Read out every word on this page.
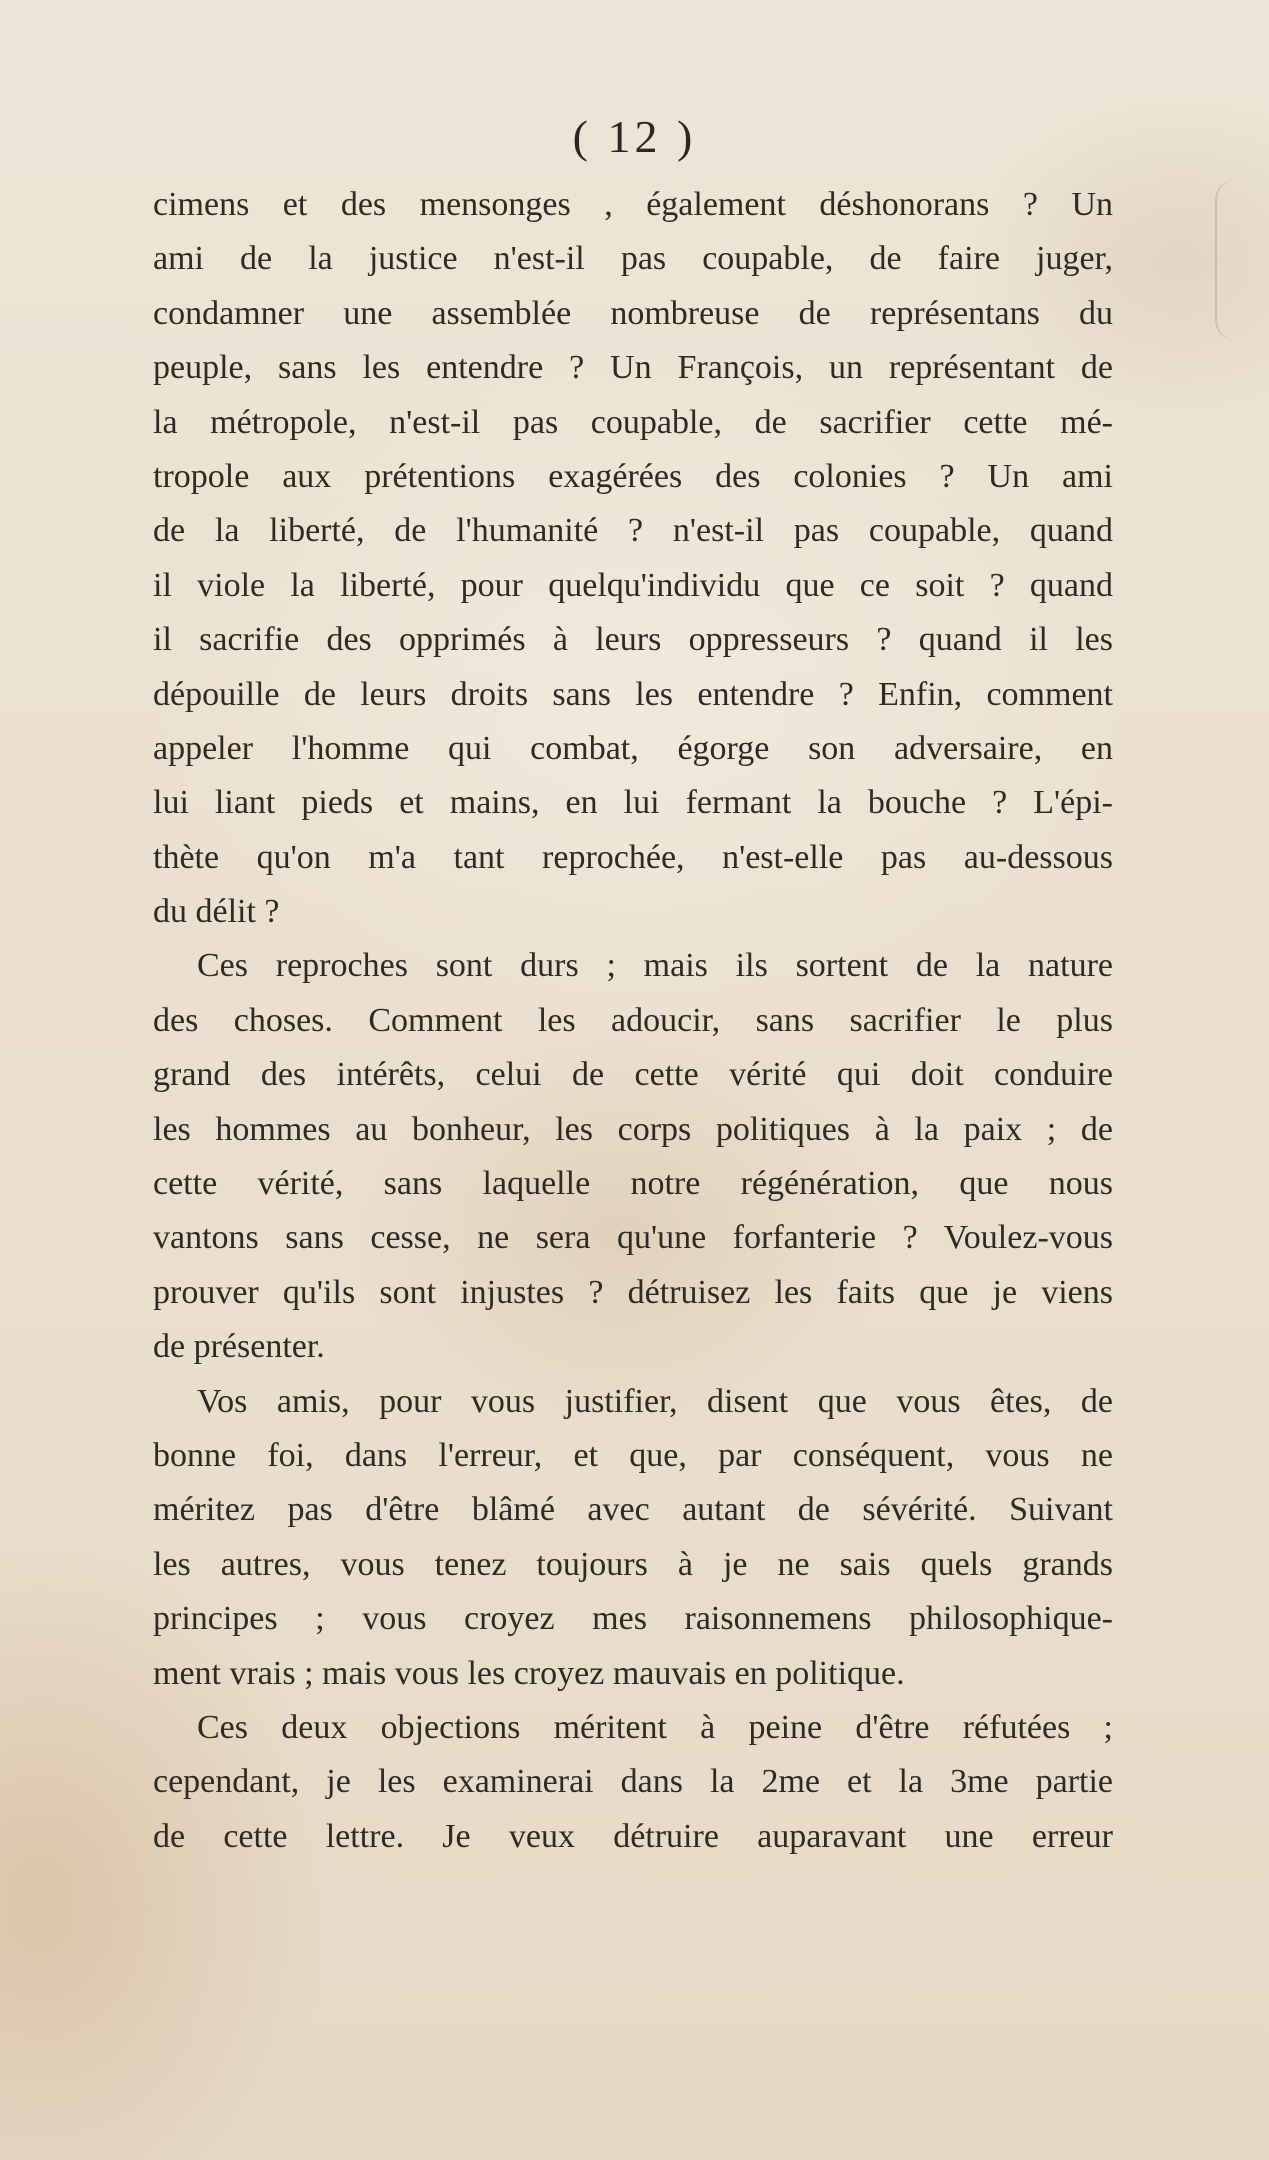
( 12 )

cimens et des mensonges , également déshonorans ? Un
ami de la justice n'est-il pas coupable, de faire juger,
condamner une assemblée nombreuse de représentans du
peuple, sans les entendre ? Un François, un représentant de
la métropole, n'est-il pas coupable, de sacrifier cette mé-
tropole aux prétentions exagérées des colonies ? Un ami
de la liberté, de l'humanité ? n'est-il pas coupable, quand
il viole la liberté, pour quelqu'individu que ce soit ? quand
il sacrifie des opprimés à leurs oppresseurs ? quand il les
dépouille de leurs droits sans les entendre ? Enfin, comment
appeler l'homme qui combat, égorge son adversaire, en
lui liant pieds et mains, en lui fermant la bouche ? L'épi-
thète qu'on m'a tant reprochée, n'est-elle pas au-dessous
du délit ?

Ces reproches sont durs ; mais ils sortent de la nature
des choses. Comment les adoucir, sans sacrifier le plus
grand des intérêts, celui de cette vérité qui doit conduire
les hommes au bonheur, les corps politiques à la paix ; de
cette vérité, sans laquelle notre régénération, que nous
vantons sans cesse, ne sera qu'une forfanterie ? Voulez-vous
prouver qu'ils sont injustes ? détruisez les faits que je viens
de présenter.

Vos amis, pour vous justifier, disent que vous êtes, de
bonne foi, dans l'erreur, et que, par conséquent, vous ne
méritez pas d'être blâmé avec autant de sévérité. Suivant
les autres, vous tenez toujours à je ne sais quels grands
principes ; vous croyez mes raisonnemens philosophique-
ment vrais ; mais vous les croyez mauvais en politique.

Ces deux objections méritent à peine d'être réfutées ;
cependant, je les examinerai dans la 2me et la 3me partie
de cette lettre. Je veux détruire auparavant une erreur
